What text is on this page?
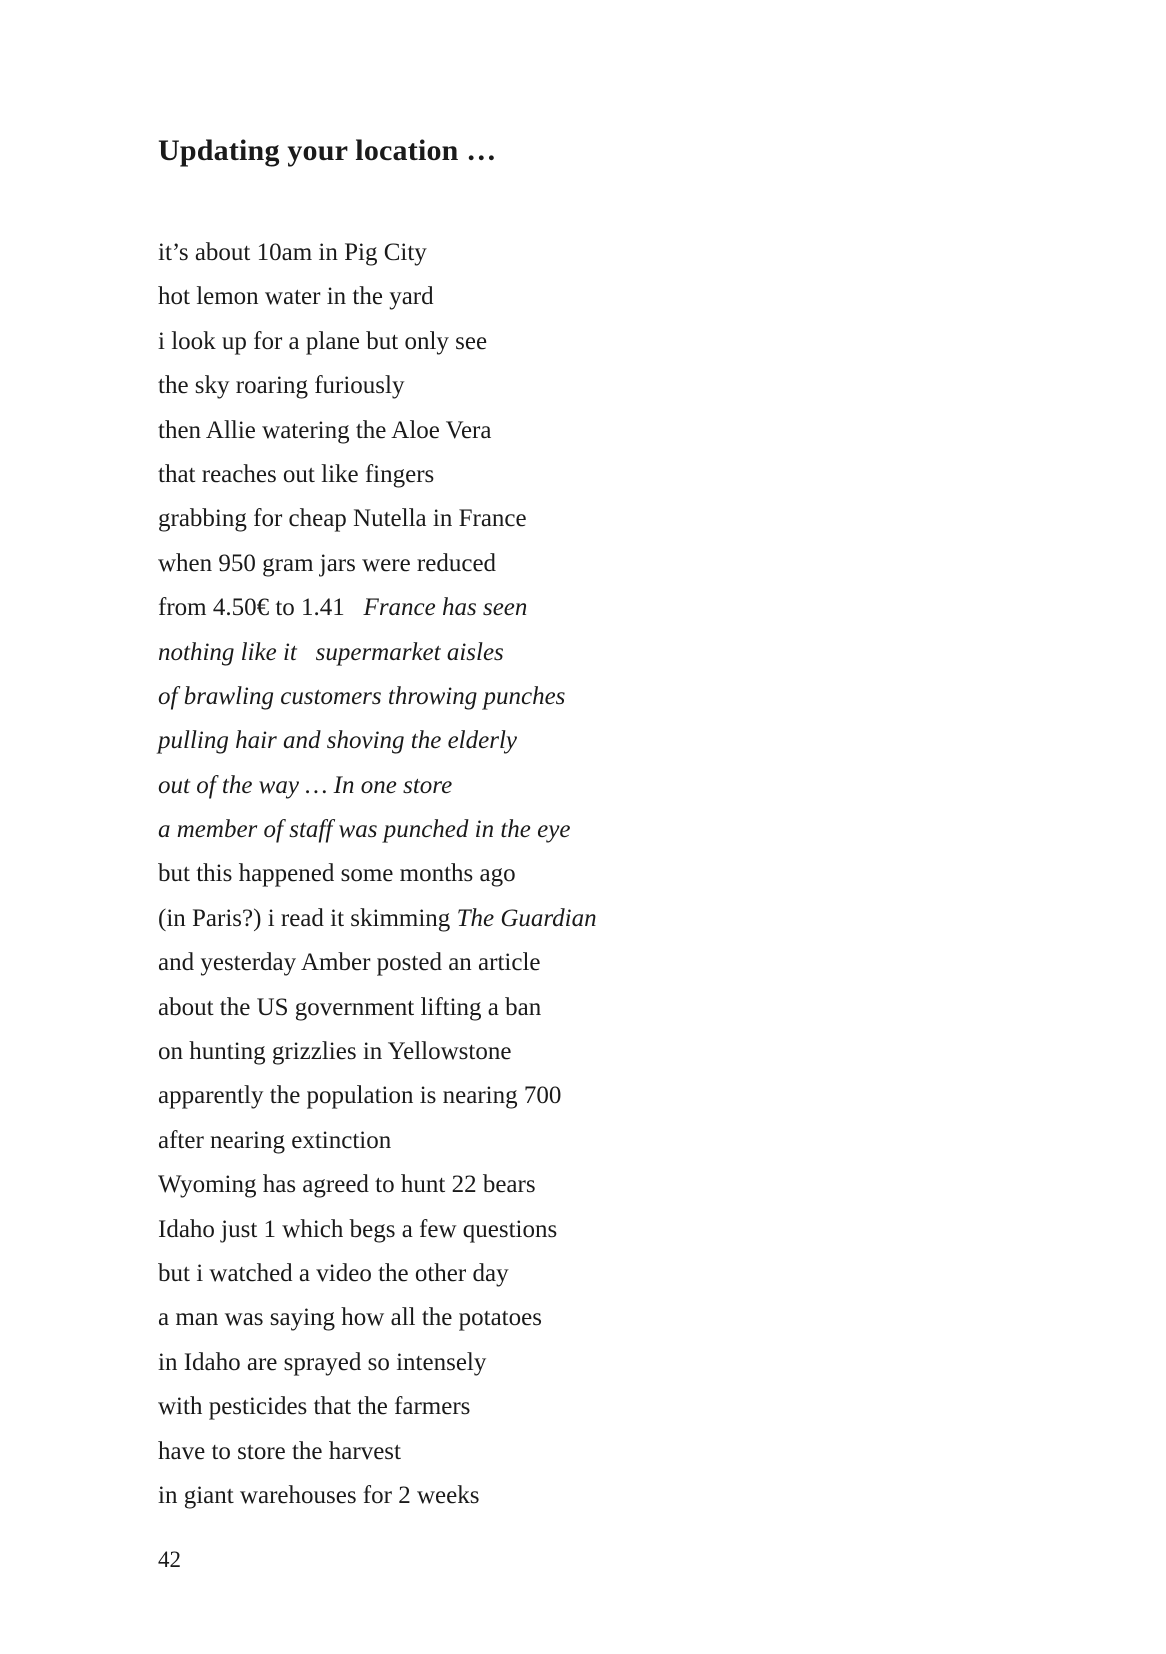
Updating your location …
it’s about 10am in Pig City
hot lemon water in the yard
i look up for a plane but only see
the sky roaring furiously
then Allie watering the Aloe Vera
that reaches out like fingers
grabbing for cheap Nutella in France
when 950 gram jars were reduced
from 4.50€ to 1.41   France has seen
nothing like it   supermarket aisles
of brawling customers throwing punches
pulling hair and shoving the elderly
out of the way … In one store
a member of staff was punched in the eye
but this happened some months ago
(in Paris?) i read it skimming The Guardian
and yesterday Amber posted an article
about the US government lifting a ban
on hunting grizzlies in Yellowstone
apparently the population is nearing 700
after nearing extinction
Wyoming has agreed to hunt 22 bears
Idaho just 1 which begs a few questions
but i watched a video the other day
a man was saying how all the potatoes
in Idaho are sprayed so intensely
with pesticides that the farmers
have to store the harvest
in giant warehouses for 2 weeks
42
